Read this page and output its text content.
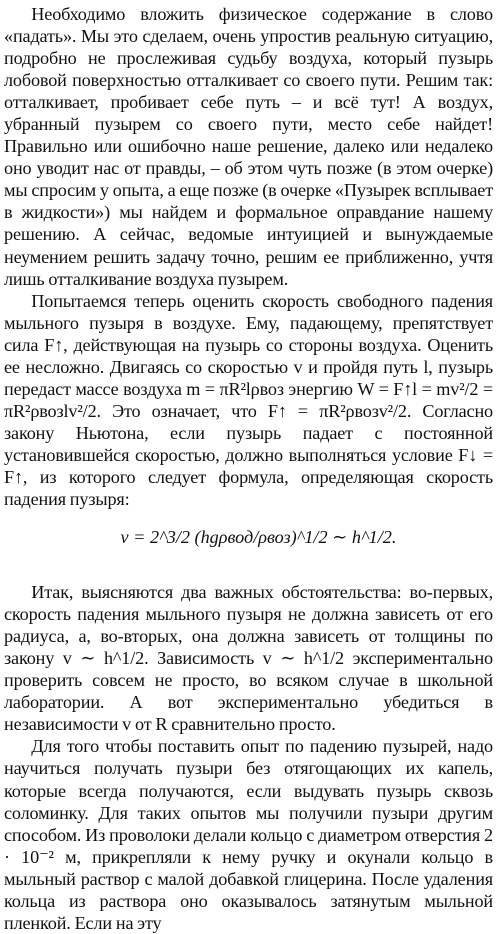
Необходимо вложить физическое содержание в слово «падать». Мы это сделаем, очень упростив реальную ситуацию, подробно не прослеживая судьбу воздуха, который пузырь лобовой поверхностью отталкивает со своего пути. Решим так: отталкивает, пробивает себе путь – и всё тут! А воздух, убранный пузырем со своего пути, место себе найдет! Правильно или ошибочно наше решение, далеко или недалеко оно уводит нас от правды, – об этом чуть позже (в этом очерке) мы спросим у опыта, а еще позже (в очерке «Пузырек всплывает в жидкости») мы найдем и формальное оправдание нашему решению. А сейчас, ведомые интуицией и вынуждаемые неумением решить задачу точно, решим ее приближенно, учтя лишь отталкивание воздуха пузырем.

Попытаемся теперь оценить скорость свободного падения мыльного пузыря в воздухе. Ему, падающему, препятствует сила F↑, действующая на пузырь со стороны воздуха. Оценить ее несложно. Двигаясь со скоростью v и пройдя путь l, пузырь передаст массе воздуха m = πR²lρвоз энергию W = F↑l = mv²/2 = πR²ρвозlv²/2. Это означает, что F↑ = πR²ρвозv²/2. Согласно закону Ньютона, если пузырь падает с постоянной установившейся скоростью, должно выполняться условие F↓ = F↑, из которого следует формула, определяющая скорость падения пузыря:

v = 2^3/2 (hgρвод/ρвоз)^1/2 ∼ h^1/2.

Итак, выясняются два важных обстоятельства: во-первых, скорость падения мыльного пузыря не должна зависеть от его радиуса, а, во-вторых, она должна зависеть от толщины по закону v ∼ h^1/2. Зависимость v ∼ h^1/2 экспериментально проверить совсем не просто, во всяком случае в школьной лаборатории. А вот экспериментально убедиться в независимости v от R сравнительно просто.

Для того чтобы поставить опыт по падению пузырей, надо научиться получать пузыри без отягощающих их капель, которые всегда получаются, если выдувать пузырь сквозь соломинку. Для таких опытов мы получили пузыри другим способом. Из проволоки делали кольцо с диаметром отверстия 2 · 10⁻² м, прикрепляли к нему ручку и окунали кольцо в мыльный раствор с малой добавкой глицерина. После удаления кольца из раствора оно оказывалось затянутым мыльной пленкой. Если на эту
